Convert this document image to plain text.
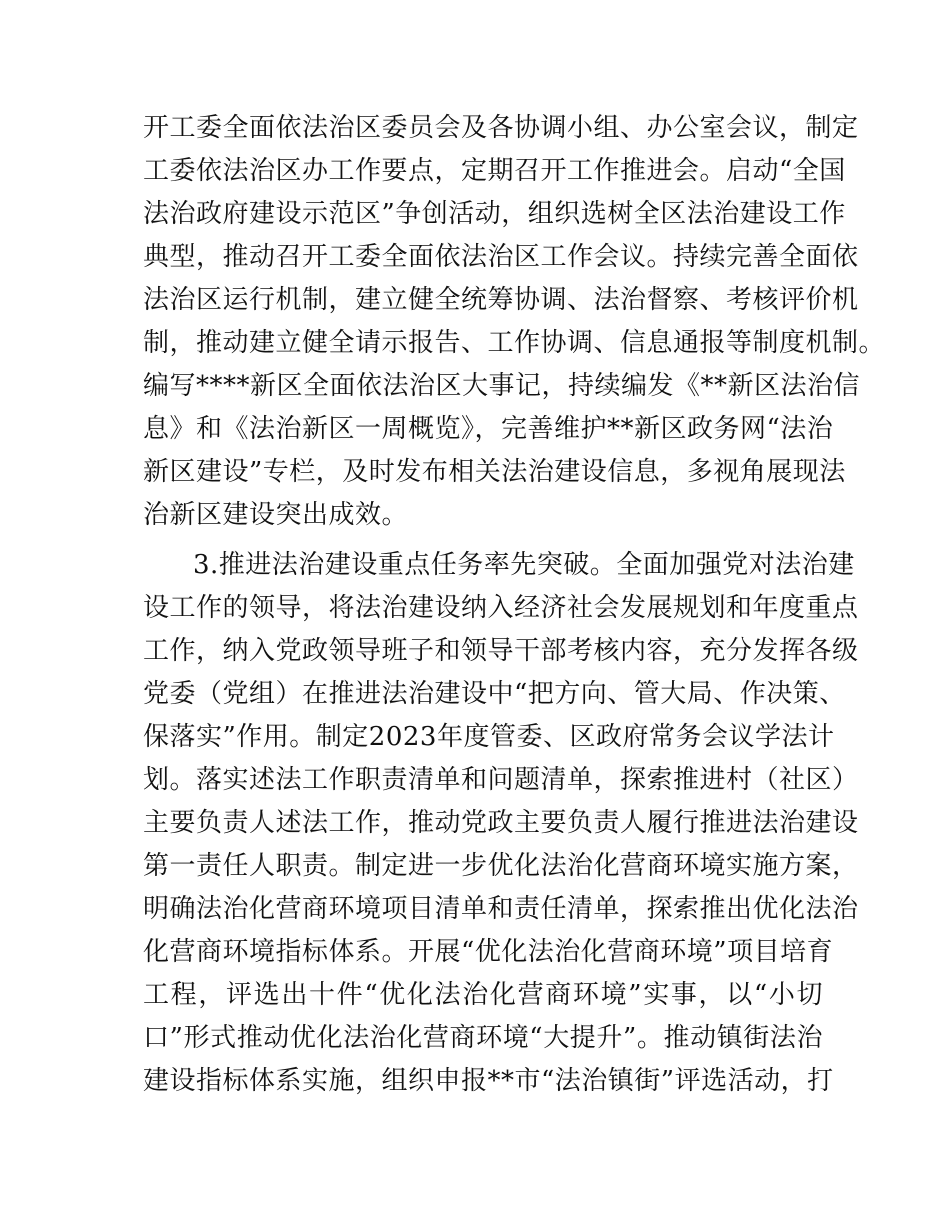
开工委全面依法治区委员会及各协调小组、办公室会议，制定
工委依法治区办工作要点，定期召开工作推进会。启动“全国
法治政府建设示范区”争创活动，组织选树全区法治建设工作
典型，推动召开工委全面依法治区工作会议。持续完善全面依
法治区运行机制，建立健全统筹协调、法治督察、考核评价机
制，推动建立健全请示报告、工作协调、信息通报等制度机制。
编写****新区全面依法治区大事记，持续编发《**新区法治信
息》和《法治新区一周概览》，完善维护**新区政务网“法治
新区建设”专栏，及时发布相关法治建设信息，多视角展现法
治新区建设突出成效。
3.推进法治建设重点任务率先突破。全面加强党对法治建
设工作的领导，将法治建设纳入经济社会发展规划和年度重点
工作，纳入党政领导班子和领导干部考核内容，充分发挥各级
党委（党组）在推进法治建设中“把方向、管大局、作决策、
保落实”作用。制定2023年度管委、区政府常务会议学法计
划。落实述法工作职责清单和问题清单，探索推进村（社区）
主要负责人述法工作，推动党政主要负责人履行推进法治建设
第一责任人职责。制定进一步优化法治化营商环境实施方案，
明确法治化营商环境项目清单和责任清单，探索推出优化法治
化营商环境指标体系。开展“优化法治化营商环境”项目培育
工程，评选出十件“优化法治化营商环境”实事，以“小切
口”形式推动优化法治化营商环境“大提升”。推动镇街法治
建设指标体系实施，组织申报**市“法治镇街”评选活动，打
